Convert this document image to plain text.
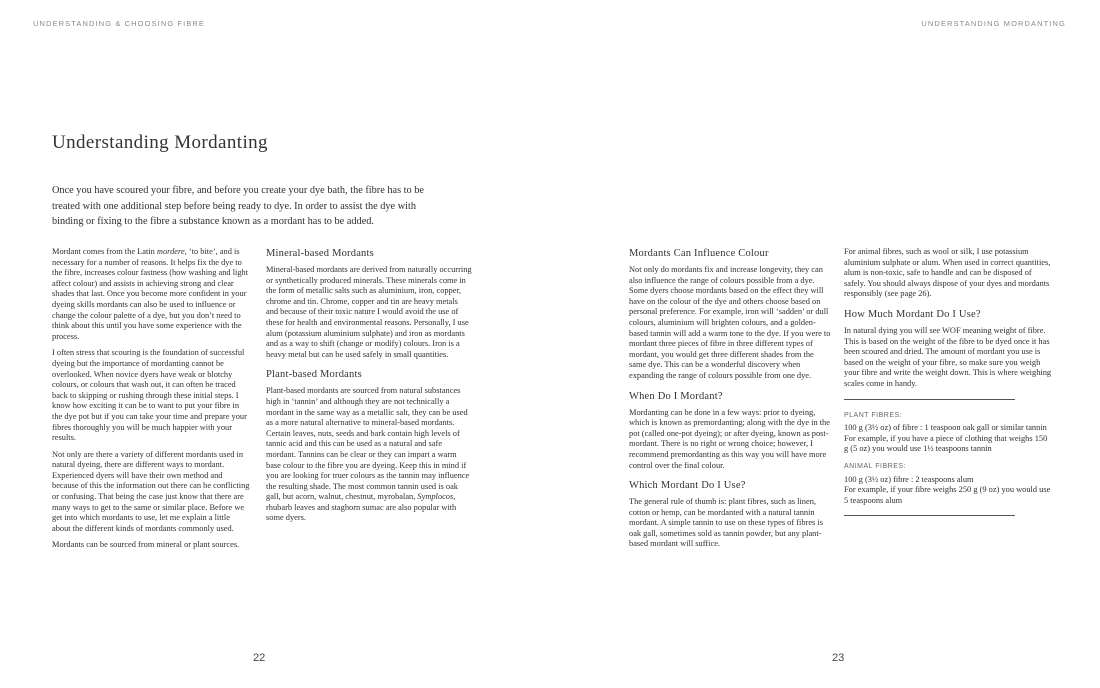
UNDERSTANDING & CHOOSING FIBRE	UNDERSTANDING MORDANTING
Understanding Mordanting

Once you have scoured your fibre, and before you create your dye bath, the fibre has to be treated with one additional step before being ready to dye. In order to assist the dye with binding or fixing to the fibre a substance known as a mordant has to be added.

Mordant comes from the Latin mordere, ‘to bite’, and is necessary for a number of reasons. It helps fix the dye to the fibre, increases colour fastness (how washing and light affect colour) and assists in achieving strong and clear shades that last. Once you become more confident in your dyeing skills mordants can also be used to influence or change the colour palette of a dye, but you don’t need to think about this until you have some experience with the process.

I often stress that scouring is the foundation of successful dyeing but the importance of mordanting cannot be overlooked. When novice dyers have weak or blotchy colours, or colours that wash out, it can often be traced back to skipping or rushing through these initial steps. I know how exciting it can be to want to put your fibre in the dye pot but if you can take your time and prepare your fibres thoroughly you will be much happier with your results.

Not only are there a variety of different mordants used in natural dyeing, there are different ways to mordant. Experienced dyers will have their own method and because of this the information out there can be conflicting or confusing. That being the case just know that there are many ways to get to the same or similar place. Before we get into which mordants to use, let me explain a little about the different kinds of mordants commonly used.

Mordants can be sourced from mineral or plant sources.

Mineral-based Mordants

Mineral-based mordants are derived from naturally occurring or synthetically produced minerals. These minerals come in the form of metallic salts such as aluminium, iron, copper, chrome and tin. Chrome, copper and tin are heavy metals and because of their toxic nature I would avoid the use of these for health and environmental reasons. Personally, I use alum (potassium aluminium sulphate) and iron as mordants and as a way to shift (change or modify) colours. Iron is a heavy metal but can be used safely in small quantities.

Plant-based Mordants

Plant-based mordants are sourced from natural substances high in ‘tannin’ and although they are not technically a mordant in the same way as a metallic salt, they can be used as a more natural alternative to mineral-based mordants. Certain leaves, nuts, seeds and bark contain high levels of tannic acid and this can be used as a natural and safe mordant. Tannins can be clear or they can impart a warm base colour to the fibre you are dyeing. Keep this in mind if you are looking for truer colours as the tannin may influence the resulting shade. The most common tannin used is oak gall, but acorn, walnut, chestnut, myrobalan, Symplocos, rhubarb leaves and staghorn sumac are also popular with some dyers.

Mordants Can Influence Colour

Not only do mordants fix and increase longevity, they can also influence the range of colours possible from a dye. Some dyers choose mordants based on the effect they will have on the colour of the dye and others choose based on personal preference. For example, iron will ‘sadden’ or dull colours, aluminium will brighten colours, and a golden-based tannin will add a warm tone to the dye. If you were to mordant three pieces of fibre in three different types of mordant, you would get three different shades from the same dye. This can be a wonderful discovery when expanding the range of colours possible from one dye.

When Do I Mordant?

Mordanting can be done in a few ways: prior to dyeing, which is known as premordanting; along with the dye in the pot (called one-pot dyeing); or after dyeing, known as post-mordant. There is no right or wrong choice; however, I recommend premordanting as this way you will have more control over the final colour.

Which Mordant Do I Use?

The general rule of thumb is: plant fibres, such as linen, cotton or hemp, can be mordanted with a natural tannin mordant. A simple tannin to use on these types of fibres is oak gall, sometimes sold as tannin powder, but any plant-based mordant will suffice.

For animal fibres, such as wool or silk, I use potassium aluminium sulphate or alum. When used in correct quantities, alum is non-toxic, safe to handle and can be disposed of safely. You should always dispose of your dyes and mordants responsibly (see page 26).

How Much Mordant Do I Use?

In natural dying you will see WOF meaning weight of fibre. This is based on the weight of the fibre to be dyed once it has been scoured and dried. The amount of mordant you use is based on the weight of your fibre, so make sure you weigh your fibre and write the weight down. This is where weighing scales come in handy.

PLANT FIBRES:

100 g (3½ oz) of fibre : 1 teaspoon oak gall or similar tannin

For example, if you have a piece of clothing that weighs 150 g (5 oz) you would use 1½ teaspoons tannin

ANIMAL FIBRES:

100 g (3½ oz) fibre : 2 teaspoons alum

For example, if your fibre weighs 250 g (9 oz) you would use 5 teaspoons alum

22	23
